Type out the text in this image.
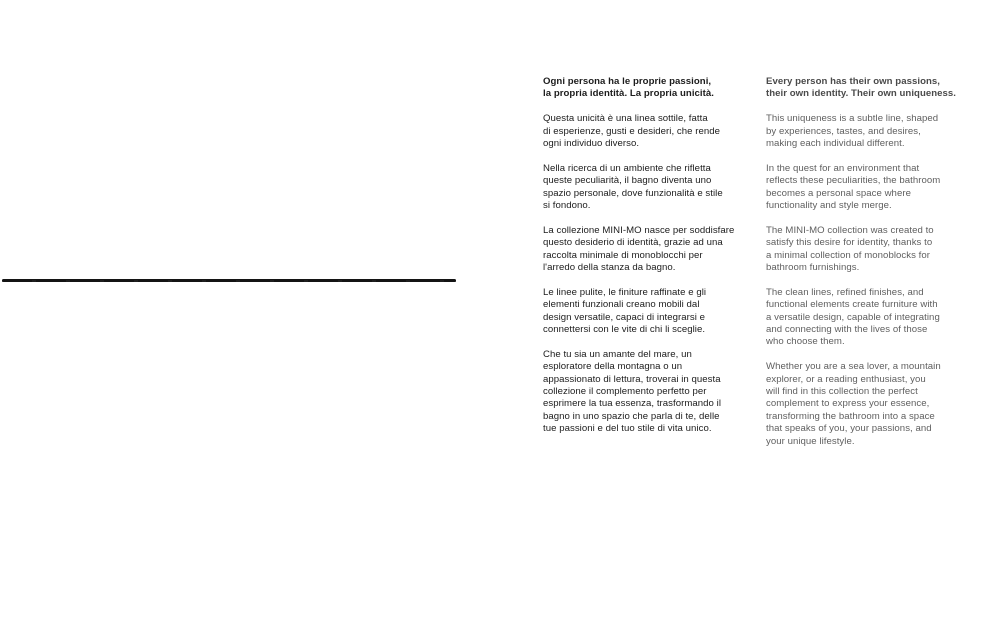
Ogni persona ha le proprie passioni,
la propria identità. La propria unicità.

Questa unicità è una linea sottile, fatta
di esperienze, gusti e desideri, che rende
ogni individuo diverso.

Nella ricerca di un ambiente che rifletta
queste peculiarità, il bagno diventa uno
spazio personale, dove funzionalità e stile
si fondono.

La collezione MINI-MO nasce per soddisfare
questo desiderio di identità, grazie ad una
raccolta minimale di monoblocchi per
l'arredo della stanza da bagno.

Le linee pulite, le finiture raffinate e gli
elementi funzionali creano mobili dal
design versatile, capaci di integrarsi e
connettersi con le vite di chi li sceglie.

Che tu sia un amante del mare, un
esploratore della montagna o un
appassionato di lettura, troverai in questa
collezione il complemento perfetto per
esprimere la tua essenza, trasformando il
bagno in uno spazio che parla di te, delle
tue passioni e del tuo stile di vita unico.

Every person has their own passions,
their own identity. Their own uniqueness.

This uniqueness is a subtle line, shaped
by experiences, tastes, and desires,
making each individual different.

In the quest for an environment that
reflects these peculiarities, the bathroom
becomes a personal space where
functionality and style merge.

The MINI-MO collection was created to
satisfy this desire for identity, thanks to
a minimal collection of monoblocks for
bathroom furnishings.

The clean lines, refined finishes, and
functional elements create furniture with
a versatile design, capable of integrating
and connecting with the lives of those
who choose them.

Whether you are a sea lover, a mountain
explorer, or a reading enthusiast, you
will find in this collection the perfect
complement to express your essence,
transforming the bathroom into a space
that speaks of you, your passions, and
your unique lifestyle.
